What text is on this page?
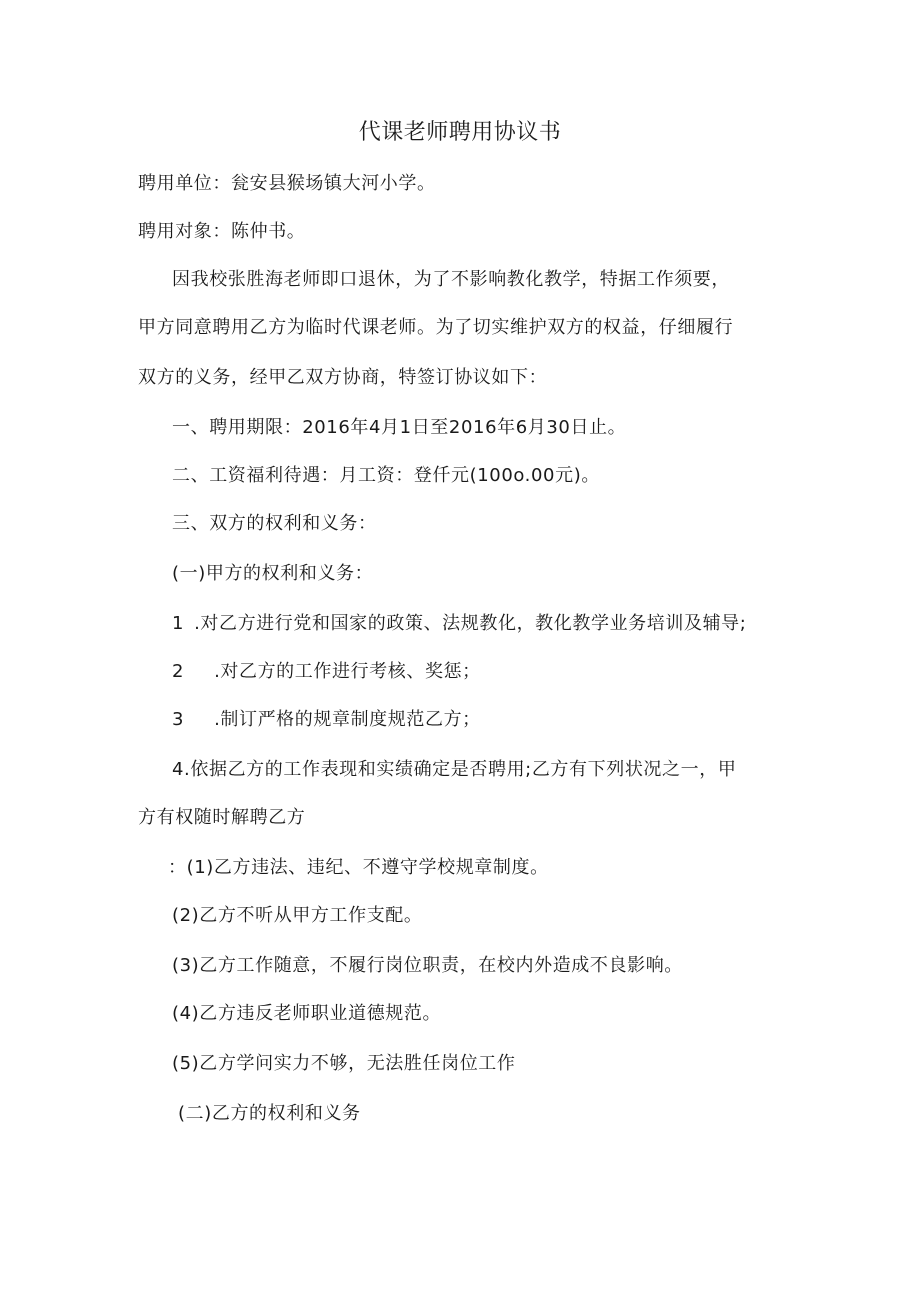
代课老师聘用协议书
聘用单位：瓮安县猴场镇大河小学。
聘用对象：陈仲书。
因我校张胜海老师即口退休，为了不影响教化教学，特据工作须要，
甲方同意聘用乙方为临时代课老师。为了切实维护双方的权益，仔细履行
双方的义务，经甲乙双方协商，特签订协议如下：
一、聘用期限：2016年4月1日至2016年6月30日止。
二、工资福利待遇：月工资：登仟元(100o.00元)。
三、双方的权利和义务：
(一)甲方的权利和义务：
1 .对乙方进行党和国家的政策、法规教化，教化教学业务培训及辅导;
2 .对乙方的工作进行考核、奖惩；
3 .制订严格的规章制度规范乙方；
4.依据乙方的工作表现和实绩确定是否聘用;乙方有下列状况之一，甲
方有权随时解聘乙方
：(1)乙方违法、违纪、不遵守学校规章制度。
(2)乙方不听从甲方工作支配。
(3)乙方工作随意，不履行岗位职责，在校内外造成不良影响。
(4)乙方违反老师职业道德规范。
(5)乙方学问实力不够，无法胜任岗位工作
(二)乙方的权利和义务
